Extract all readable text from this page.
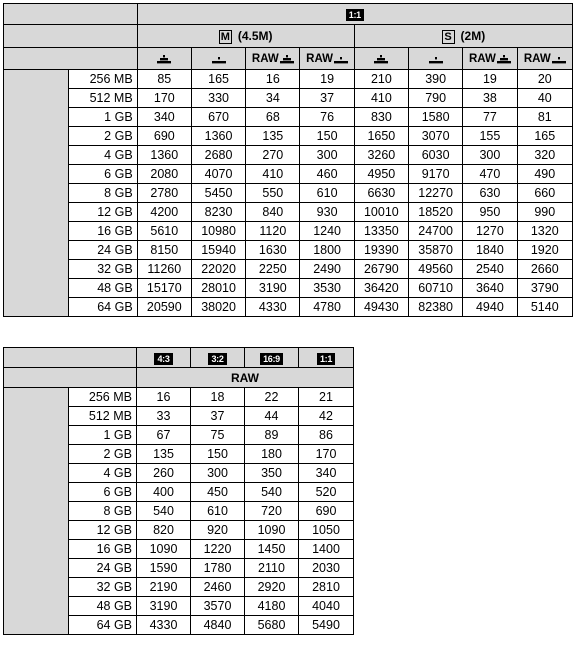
		1:1							
		M (4.5M)				S (2M)			
			RAW	RAW			RAW	RAW
	256 MB	85	165	16	19	210	390	19	20
	512 MB	170	330	34	37	410	790	38	40
	1 GB	340	670	68	76	830	1580	77	81
	2 GB	690	1360	135	150	1650	3070	155	165
	4 GB	1360	2680	270	300	3260	6030	300	320
	6 GB	2080	4070	410	460	4950	9170	470	490
	8 GB	2780	5450	550	610	6630	12270	630	660
	12 GB	4200	8230	840	930	10010	18520	950	990
	16 GB	5610	10980	1120	1240	13350	24700	1270	1320
	24 GB	8150	15940	1630	1800	19390	35870	1840	1920
	32 GB	11260	22020	2250	2490	26790	49560	2540	2660
	48 GB	15170	28010	3190	3530	36420	60710	3640	3790
	64 GB	20590	38020	4330	4780	49430	82380	4940	5140
		4:3	3:2	16:9	1:1
		RAW			
	256 MB	16	18	22	21
	512 MB	33	37	44	42
	1 GB	67	75	89	86
	2 GB	135	150	180	170
	4 GB	260	300	350	340
	6 GB	400	450	540	520
	8 GB	540	610	720	690
	12 GB	820	920	1090	1050
	16 GB	1090	1220	1450	1400
	24 GB	1590	1780	2110	2030
	32 GB	2190	2460	2920	2810
	48 GB	3190	3570	4180	4040
	64 GB	4330	4840	5680	5490
